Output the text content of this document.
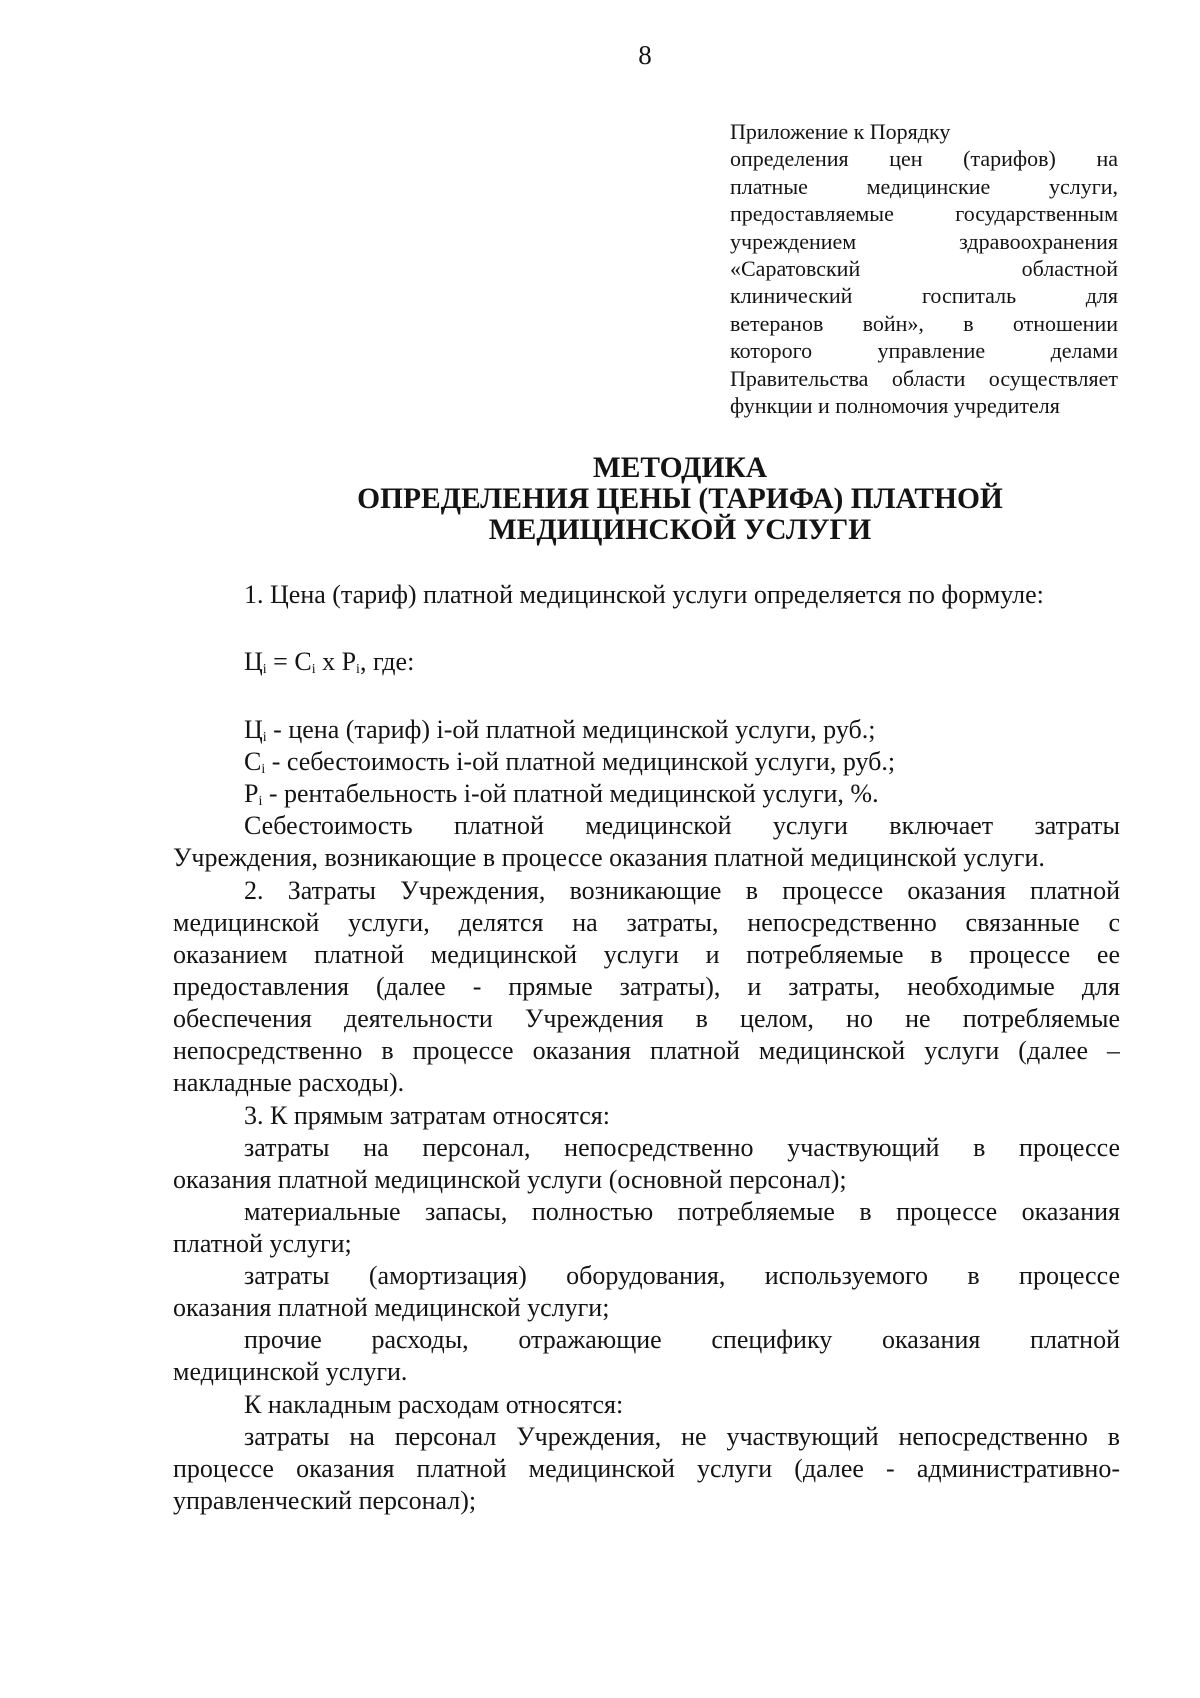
8
Приложение к Порядку
определения цен (тарифов) на
платные медицинские услуги,
предоставляемые государственным
учреждением здравоохранения
«Саратовский областной
клинический госпиталь для
ветеранов войн», в отношении
которого управление делами
Правительства области осуществляет
функции и полномочия учредителя
МЕТОДИКА
ОПРЕДЕЛЕНИЯ ЦЕНЫ (ТАРИФА) ПЛАТНОЙ
МЕДИЦИНСКОЙ УСЛУГИ
1. Цена (тариф) платной медицинской услуги определяется по формуле:
$Ц_i = С_i$ х $Р_i$, где:
$Ц_i$ - цена (тариф) i-ой платной медицинской услуги, руб.;
$С_i$ - себестоимость i-ой платной медицинской услуги, руб.;
$Р_i$ - рентабельность i-ой платной медицинской услуги, %.
Себестоимость платной медицинской услуги включает затраты
Учреждения, возникающие в процессе оказания платной медицинской услуги.
2. Затраты Учреждения, возникающие в процессе оказания платной
медицинской услуги, делятся на затраты, непосредственно связанные с
оказанием платной медицинской услуги и потребляемые в процессе ее
предоставления (далее - прямые затраты), и затраты, необходимые для
обеспечения деятельности Учреждения в целом, но не потребляемые
непосредственно в процессе оказания платной медицинской услуги (далее –
накладные расходы).
3. К прямым затратам относятся:
затраты на персонал, непосредственно участвующий в процессе
оказания платной медицинской услуги (основной персонал);
материальные запасы, полностью потребляемые в процессе оказания
платной услуги;
затраты (амортизация) оборудования, используемого в процессе
оказания платной медицинской услуги;
прочие расходы, отражающие специфику оказания платной
медицинской услуги.
К накладным расходам относятся:
затраты на персонал Учреждения, не участвующий непосредственно в
процессе оказания платной медицинской услуги (далее - административно-
управленческий персонал);
